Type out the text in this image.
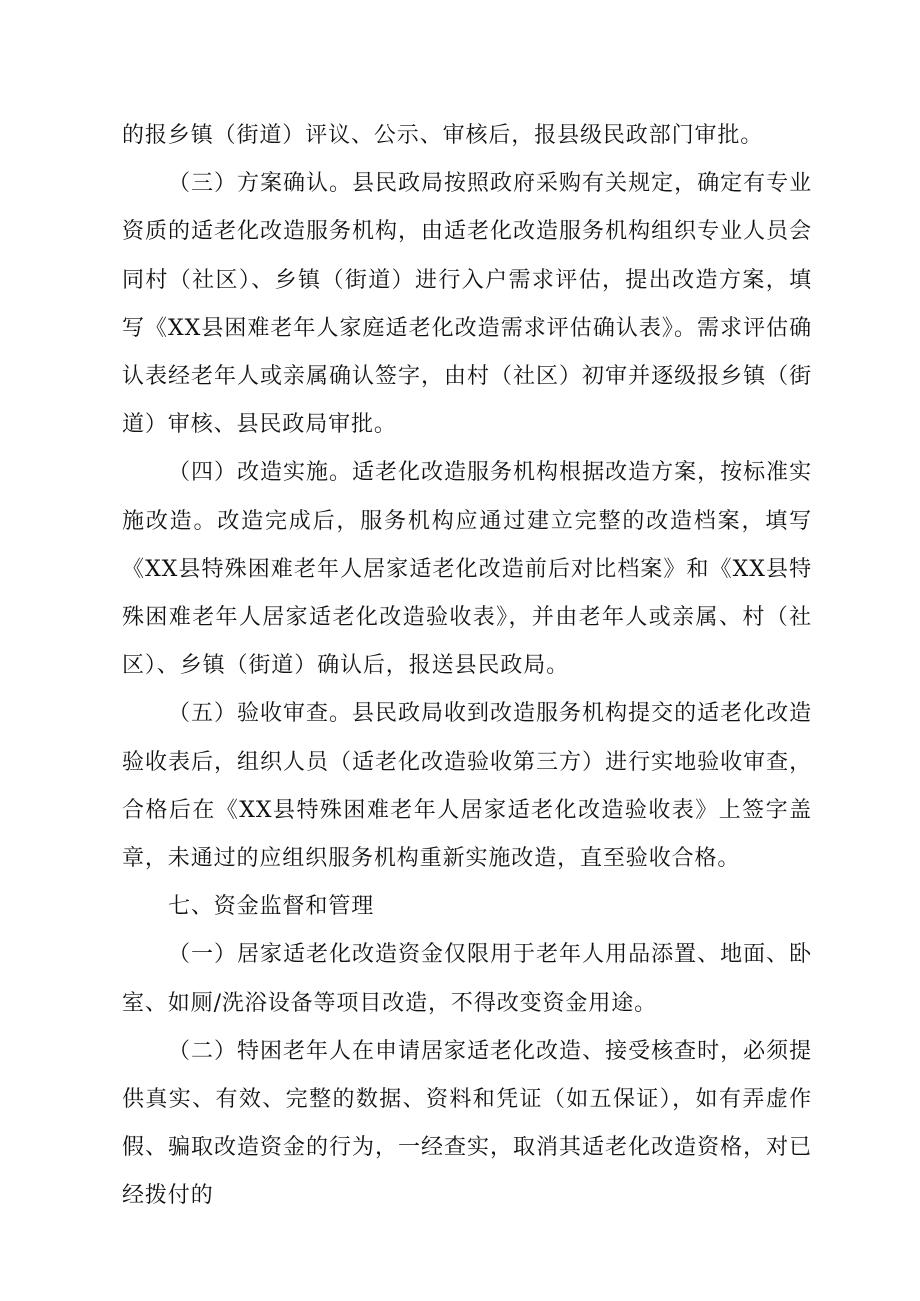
的报乡镇（街道）评议、公示、审核后，报县级民政部门审批。

（三）方案确认。县民政局按照政府采购有关规定，确定有专业资质的适老化改造服务机构，由适老化改造服务机构组织专业人员会同村（社区）、乡镇（街道）进行入户需求评估，提出改造方案，填写《XX县困难老年人家庭适老化改造需求评估确认表》。需求评估确认表经老年人或亲属确认签字，由村（社区）初审并逐级报乡镇（街道）审核、县民政局审批。

（四）改造实施。适老化改造服务机构根据改造方案，按标准实施改造。改造完成后，服务机构应通过建立完整的改造档案，填写《XX县特殊困难老年人居家适老化改造前后对比档案》和《XX县特殊困难老年人居家适老化改造验收表》，并由老年人或亲属、村（社区）、乡镇（街道）确认后，报送县民政局。

（五）验收审查。县民政局收到改造服务机构提交的适老化改造验收表后，组织人员（适老化改造验收第三方）进行实地验收审查，合格后在《XX县特殊困难老年人居家适老化改造验收表》上签字盖章，未通过的应组织服务机构重新实施改造，直至验收合格。

七、资金监督和管理

（一）居家适老化改造资金仅限用于老年人用品添置、地面、卧室、如厕/洗浴设备等项目改造，不得改变资金用途。

（二）特困老年人在申请居家适老化改造、接受核查时，必须提供真实、有效、完整的数据、资料和凭证（如五保证），如有弄虚作假、骗取改造资金的行为，一经查实，取消其适老化改造资格，对已经拨付的
